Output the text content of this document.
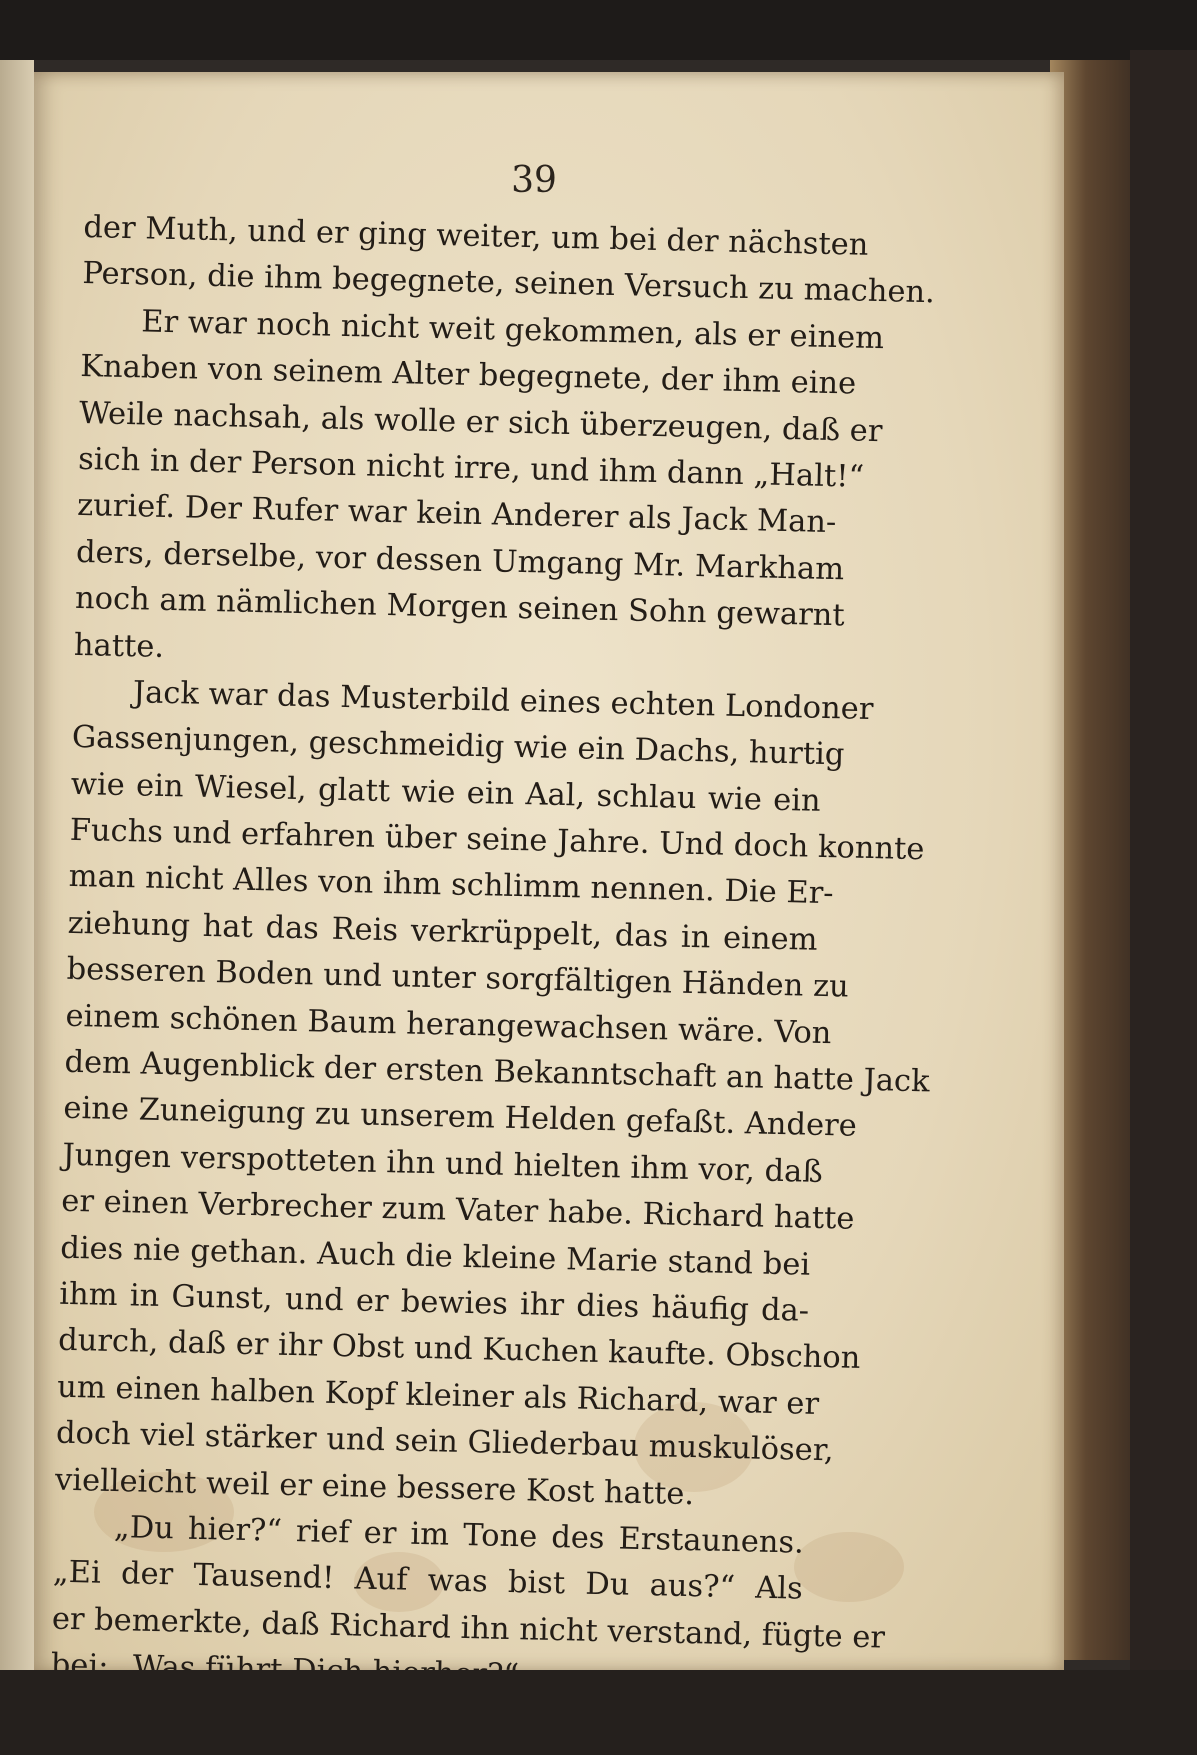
39
der Muth, und er ging weiter, um bei der nächsten
Person, die ihm begegnete, seinen Versuch zu machen.
Er war noch nicht weit gekommen, als er einem
Knaben von seinem Alter begegnete, der ihm eine
Weile nachsah, als wolle er sich überzeugen, daß er
sich in der Person nicht irre, und ihm dann „Halt!“
zurief. Der Rufer war kein Anderer als Jack Man-
ders, derselbe, vor dessen Umgang Mr. Markham
noch am nämlichen Morgen seinen Sohn gewarnt
hatte.
Jack war das Musterbild eines echten Londoner
Gassenjungen, geschmeidig wie ein Dachs, hurtig
wie ein Wiesel, glatt wie ein Aal, schlau wie ein
Fuchs und erfahren über seine Jahre. Und doch konnte
man nicht Alles von ihm schlimm nennen. Die Er-
ziehung hat das Reis verkrüppelt, das in einem
besseren Boden und unter sorgfältigen Händen zu
einem schönen Baum herangewachsen wäre. Von
dem Augenblick der ersten Bekanntschaft an hatte Jack
eine Zuneigung zu unserem Helden gefaßt. Andere
Jungen verspotteten ihn und hielten ihm vor, daß
er einen Verbrecher zum Vater habe. Richard hatte
dies nie gethan. Auch die kleine Marie stand bei
ihm in Gunst, und er bewies ihr dies häufig da-
durch, daß er ihr Obst und Kuchen kaufte. Obschon
um einen halben Kopf kleiner als Richard, war er
doch viel stärker und sein Gliederbau muskulöser,
vielleicht weil er eine bessere Kost hatte.
„Du hier?“ rief er im Tone des Erstaunens.
„Ei der Tausend! Auf was bist Du aus?“ Als
er bemerkte, daß Richard ihn nicht verstand, fügte er
